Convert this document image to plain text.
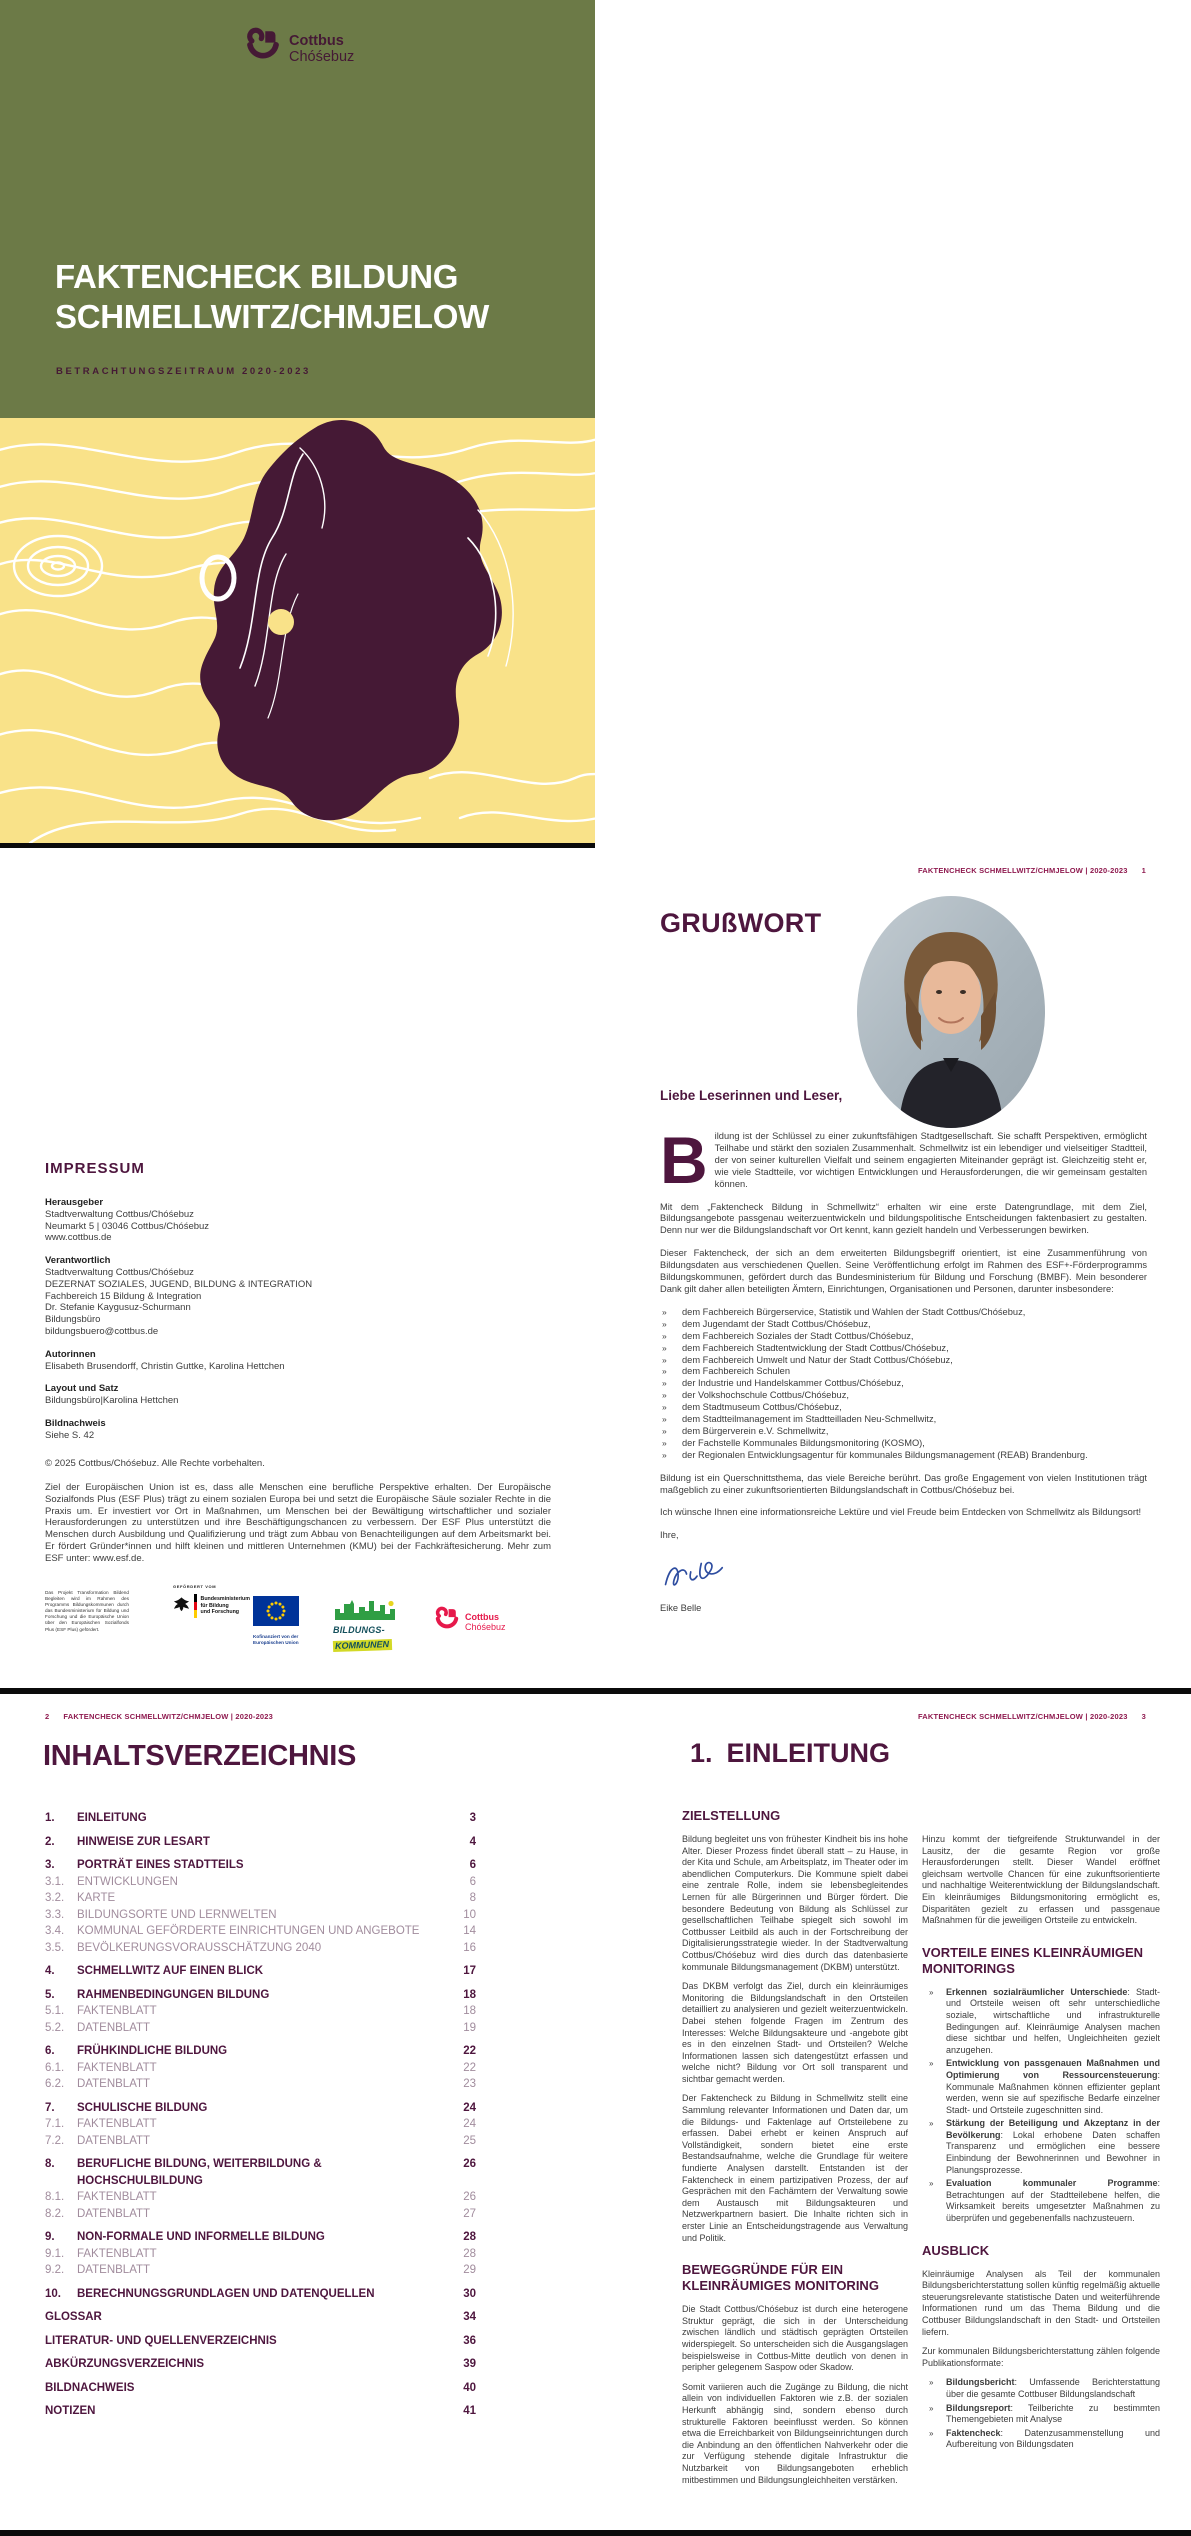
Cottbus
Chóśebuz
FAKTENCHECK BILDUNG
SCHMELLWITZ/CHMJELOW
BETRACHTUNGSZEITRAUM 2020-2023
IMPRESSUM
Herausgeber
Stadtverwaltung Cottbus/Chóśebuz
Neumarkt 5 | 03046 Cottbus/Chóśebuz
www.cottbus.de
Verantwortlich
Stadtverwaltung Cottbus/Chóśebuz
DEZERNAT SOZIALES, JUGEND, BILDUNG & INTEGRATION
Fachbereich 15 Bildung & Integration
Dr. Stefanie Kaygusuz-Schurmann
Bildungsbüro
bildungsbuero@cottbus.de
Autorinnen
Elisabeth Brusendorff, Christin Guttke, Karolina Hettchen
Layout und Satz
Bildungsbüro|Karolina Hettchen
Bildnachweis
Siehe S. 42
© 2025 Cottbus/Chóśebuz. Alle Rechte vorbehalten.
Ziel der Europäischen Union ist es, dass alle Menschen eine berufliche Perspektive erhalten. Der Europäische Sozialfonds Plus (ESF Plus) trägt zu einem sozialen Europa bei und setzt die Europäische Säule sozialer Rechte in die Praxis um. Er investiert vor Ort in Maßnahmen, um Menschen bei der Bewältigung wirtschaftlicher und sozialer Herausforderungen zu unterstützen und ihre Beschäftigungschancen zu verbessern. Der ESF Plus unterstützt die Menschen durch Ausbildung und Qualifizierung und trägt zum Abbau von Benachteiligungen auf dem Arbeitsmarkt bei. Er fördert Gründer*innen und hilft kleinen und mittleren Unternehmen (KMU) bei der Fachkräftesicherung. Mehr zum ESF unter: www.esf.de.
Das Projekt Transformation Bildend Begleiten wird im Rahmen des Programms Bildungskommunen durch das Bundesministerium für Bildung und Forschung und die Europäische Union über den Europäischen Sozialfonds Plus (ESF Plus) gefördert.
GEFÖRDERT VOM
Bundesministerium
für Bildung
und Forschung
Kofinanziert von der
Europäischen Union
BILDUNGS-
KOMMUNEN
Cottbus
Chóśebuz
FAKTENCHECK SCHMELLWITZ/CHMJELOW | 2020-2023 1
GRUßWORT
Liebe Leserinnen und Leser,

Bildung ist der Schlüssel zu einer zukunftsfähigen Stadtgesellschaft. Sie schafft Perspektiven, ermöglicht Teilhabe und stärkt den sozialen Zusammenhalt. Schmellwitz ist ein lebendiger und vielseitiger Stadtteil, der von seiner kulturellen Vielfalt und seinem engagierten Miteinander geprägt ist. Gleichzeitig steht er, wie viele Stadtteile, vor wichtigen Entwicklungen und Herausforderungen, die wir gemeinsam gestalten können.

Mit dem „Faktencheck Bildung in Schmellwitz“ erhalten wir eine erste Datengrundlage, mit dem Ziel, Bildungsangebote passgenau weiterzuentwickeln und bildungspolitische Entscheidungen faktenbasiert zu gestalten. Denn nur wer die Bildungslandschaft vor Ort kennt, kann gezielt handeln und Verbesserungen bewirken.

Dieser Faktencheck, der sich an dem erweiterten Bildungsbegriff orientiert, ist eine Zusammenführung von Bildungsdaten aus verschiedenen Quellen. Seine Veröffentlichung erfolgt im Rahmen des ESF+-Förderprogramms Bildungskommunen, gefördert durch das Bundesministerium für Bildung und Forschung (BMBF). Mein besonderer Dank gilt daher allen beteiligten Ämtern, Einrichtungen, Organisationen und Personen, darunter insbesondere:

» dem Fachbereich Bürgerservice, Statistik und Wahlen der Stadt Cottbus/Chóśebuz,
» dem Jugendamt der Stadt Cottbus/Chóśebuz,
» dem Fachbereich Soziales der Stadt Cottbus/Chóśebuz,
» dem Fachbereich Stadtentwicklung der Stadt Cottbus/Chóśebuz,
» dem Fachbereich Umwelt und Natur der Stadt Cottbus/Chóśebuz,
» dem Fachbereich Schulen
» der Industrie und Handelskammer Cottbus/Chóśebuz,
» der Volkshochschule Cottbus/Chóśebuz,
» dem Stadtmuseum Cottbus/Chóśebuz,
» dem Stadtteilmanagement im Stadtteilladen Neu-Schmellwitz,
» dem Bürgerverein e.V. Schmellwitz,
» der Fachstelle Kommunales Bildungsmonitoring (KOSMO),
» der Regionalen Entwicklungsagentur für kommunales Bildungsmanagement (REAB) Brandenburg.

Bildung ist ein Querschnittsthema, das viele Bereiche berührt. Das große Engagement von vielen Institutionen trägt maßgeblich zu einer zukunftsorientierten Bildungslandschaft in Cottbus/Chóśebuz bei.

Ich wünsche Ihnen eine informationsreiche Lektüre und viel Freude beim Entdecken von Schmellwitz als Bildungsort!

Ihre,

Eike Belle
2 FAKTENCHECK SCHMELLWITZ/CHMJELOW | 2020-2023
INHALTSVERZEICHNIS
1. EINLEITUNG	3
2. HINWEISE ZUR LESART	4
3. PORTRÄT EINES STADTTEILS	6
3.1. ENTWICKLUNGEN	6
3.2. KARTE	8
3.3. BILDUNGSORTE UND LERNWELTEN	10
3.4. KOMMUNAL GEFÖRDERTE EINRICHTUNGEN UND ANGEBOTE	14
3.5. BEVÖLKERUNGSVORAUSSCHÄTZUNG 2040	16
4. SCHMELLWITZ AUF EINEN BLICK	17
5. RAHMENBEDINGUNGEN BILDUNG	18
5.1. FAKTENBLATT	18
5.2. DATENBLATT	19
6. FRÜHKINDLICHE BILDUNG	22
6.1. FAKTENBLATT	22
6.2. DATENBLATT	23
7. SCHULISCHE BILDUNG	24
7.1. FAKTENBLATT	24
7.2. DATENBLATT	25
8. BERUFLICHE BILDUNG, WEITERBILDUNG & HOCHSCHULBILDUNG
26
8.1. FAKTENBLATT	26
8.2. DATENBLATT	27
9. NON-FORMALE UND INFORMELLE BILDUNG	28
9.1. FAKTENBLATT	28
9.2. DATENBLATT	29
10. BERECHNUNGSGRUNDLAGEN UND DATENQUELLEN	30
GLOSSAR	34
LITERATUR- UND QUELLENVERZEICHNIS	36
ABKÜRZUNGSVERZEICHNIS	39
BILDNACHWEIS	40
NOTIZEN	41
FAKTENCHECK SCHMELLWITZ/CHMJELOW | 2020-2023 3
1. EINLEITUNG
ZIELSTELLUNG

Bildung begleitet uns von frühester Kindheit bis ins hohe Alter. Dieser Prozess findet überall statt – zu Hause, in der Kita und Schule, am Arbeitsplatz, im Theater oder im abendlichen Computerkurs. Die Kommune spielt dabei eine zentrale Rolle, indem sie lebensbegleitendes Lernen für alle Bürgerinnen und Bürger fördert. Die besondere Bedeutung von Bildung als Schlüssel zur gesellschaftlichen Teilhabe spiegelt sich sowohl im Cottbusser Leitbild als auch in der Fortschreibung der Digitalisierungsstrategie wieder. In der Stadtverwaltung Cottbus/Chóśebuz wird dies durch das datenbasierte kommunale Bildungsmanagement (DKBM) unterstützt.

Das DKBM verfolgt das Ziel, durch ein kleinräumiges Monitoring die Bildungslandschaft in den Ortsteilen detailliert zu analysieren und gezielt weiterzuentwickeln. Dabei stehen folgende Fragen im Zentrum des Interesses: Welche Bildungsakteure und -angebote gibt es in den einzelnen Stadt- und Ortsteilen? Welche Informationen lassen sich datengestützt erfassen und welche nicht? Bildung vor Ort soll transparent und sichtbar gemacht werden.

Der Faktencheck zu Bildung in Schmellwitz stellt eine Sammlung relevanter Informationen und Daten dar, um die Bildungs- und Faktenlage auf Ortsteilebene zu erfassen. Dabei erhebt er keinen Anspruch auf Vollständigkeit, sondern bietet eine erste Bestandsaufnahme, welche die Grundlage für weitere fundierte Analysen darstellt. Entstanden ist der Faktencheck in einem partizipativen Prozess, der auf Gesprächen mit den Fachämtern der Verwaltung sowie dem Austausch mit Bildungsakteuren und Netzwerkpartnern basiert. Die Inhalte richten sich in erster Linie an Entscheidungstragende aus Verwaltung und Politik.

BEWEGGRÜNDE FÜR EIN KLEINRÄUMIGES MONITORING

Die Stadt Cottbus/Chóśebuz ist durch eine heterogene Struktur geprägt, die sich in der Unterscheidung zwischen ländlich und städtisch geprägten Ortsteilen widerspiegelt. So unterscheiden sich die Ausgangslagen beispielsweise in Cottbus-Mitte deutlich von denen in peripher gelegenem Saspow oder Skadow.

Somit variieren auch die Zugänge zu Bildung, die nicht allein von individuellen Faktoren wie z.B. der sozialen Herkunft abhängig sind, sondern ebenso durch strukturelle Faktoren beeinflusst werden. So können etwa die Erreichbarkeit von Bildungseinrichtungen durch die Anbindung an den öffentlichen Nahverkehr oder die zur Verfügung stehende digitale Infrastruktur die Nutzbarkeit von Bildungsangeboten erheblich mitbestimmen und Bildungsungleichheiten verstärken.

Hinzu kommt der tiefgreifende Strukturwandel in der Lausitz, der die gesamte Region vor große Herausforderungen stellt. Dieser Wandel eröffnet gleichsam wertvolle Chancen für eine zukunftsorientierte und nachhaltige Weiterentwicklung der Bildungslandschaft. Ein kleinräumiges Bildungsmonitoring ermöglicht es, Disparitäten gezielt zu erfassen und passgenaue Maßnahmen für die jeweiligen Ortsteile zu entwickeln.

VORTEILE EINES KLEINRÄUMIGEN MONITORINGS
» Erkennen sozialräumlicher Unterschiede: Stadt- und Ortsteile weisen oft sehr unterschiedliche soziale, wirtschaftliche und infrastrukturelle Bedingungen auf. Kleinräumige Analysen machen diese sichtbar und helfen, Ungleichheiten gezielt anzugehen.
» Entwicklung von passgenauen Maßnahmen und Optimierung von Ressourcensteuerung: Kommunale Maßnahmen können effizienter geplant werden, wenn sie auf spezifische Bedarfe einzelner Stadt- und Ortsteile zugeschnitten sind.
» Stärkung der Beteiligung und Akzeptanz in der Bevölkerung: Lokal erhobene Daten schaffen Transparenz und ermöglichen eine bessere Einbindung der Bewohnerinnen und Bewohner in Planungsprozesse.
» Evaluation kommunaler Programme: Betrachtungen auf der Stadtteilebene helfen, die Wirksamkeit bereits umgesetzter Maßnahmen zu überprüfen und gegebenenfalls nachzusteuern.
AUSBLICK

Kleinräumige Analysen als Teil der kommunalen Bildungsberichterstattung sollen künftig regelmäßig aktuelle steuerungsrelevante statistische Daten und weiterführende Informationen rund um das Thema Bildung und die Cottbuser Bildungslandschaft in den Stadt- und Ortsteilen liefern.

Zur kommunalen Bildungsberichterstattung zählen folgende Publikationsformate:

» Bildungsbericht: Umfassende Berichterstattung über die gesamte Cottbuser Bildungslandschaft
» Bildungsreport: Teilberichte zu bestimmten Themengebieten mit Analyse
» Faktencheck: Datenzusammenstellung und Aufbereitung von Bildungsdaten
